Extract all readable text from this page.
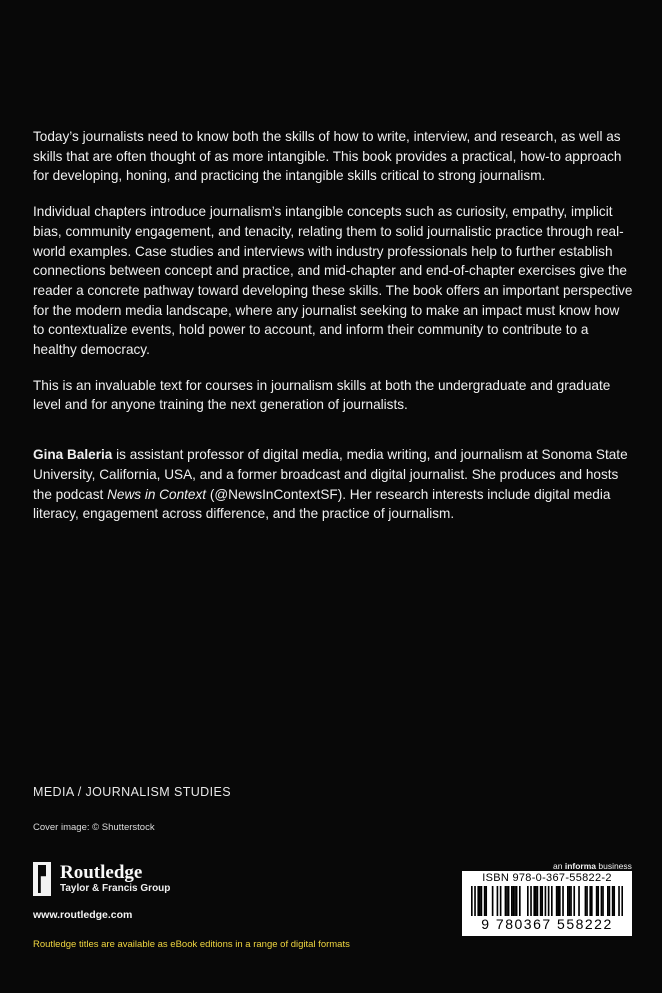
Today’s journalists need to know both the skills of how to write, interview, and research, as well as skills that are often thought of as more intangible. This book provides a practical, how-to approach for developing, honing, and practicing the intangible skills critical to strong journalism.

Individual chapters introduce journalism’s intangible concepts such as curiosity, empathy, implicit bias, community engagement, and tenacity, relating them to solid journalistic practice through real-world examples. Case studies and interviews with industry professionals help to further establish connections between concept and practice, and mid-chapter and end-of-chapter exercises give the reader a concrete pathway toward developing these skills. The book offers an important perspective for the modern media landscape, where any journalist seeking to make an impact must know how to contextualize events, hold power to account, and inform their community to contribute to a healthy democracy.

This is an invaluable text for courses in journalism skills at both the undergraduate and graduate level and for anyone training the next generation of journalists.

Gina Baleria is assistant professor of digital media, media writing, and journalism at Sonoma State University, California, USA, and a former broadcast and digital journalist. She produces and hosts the podcast News in Context (@NewsInContextSF). Her research interests include digital media literacy, engagement across difference, and the practice of journalism.

MEDIA / JOURNALISM STUDIES
Cover image: © Shutterstock
Routledge
Taylor & Francis Group
www.routledge.com
Routledge titles are available as eBook editions in a range of digital formats
an informa business
ISBN 978-0-367-55822-2
9 780367 558222
